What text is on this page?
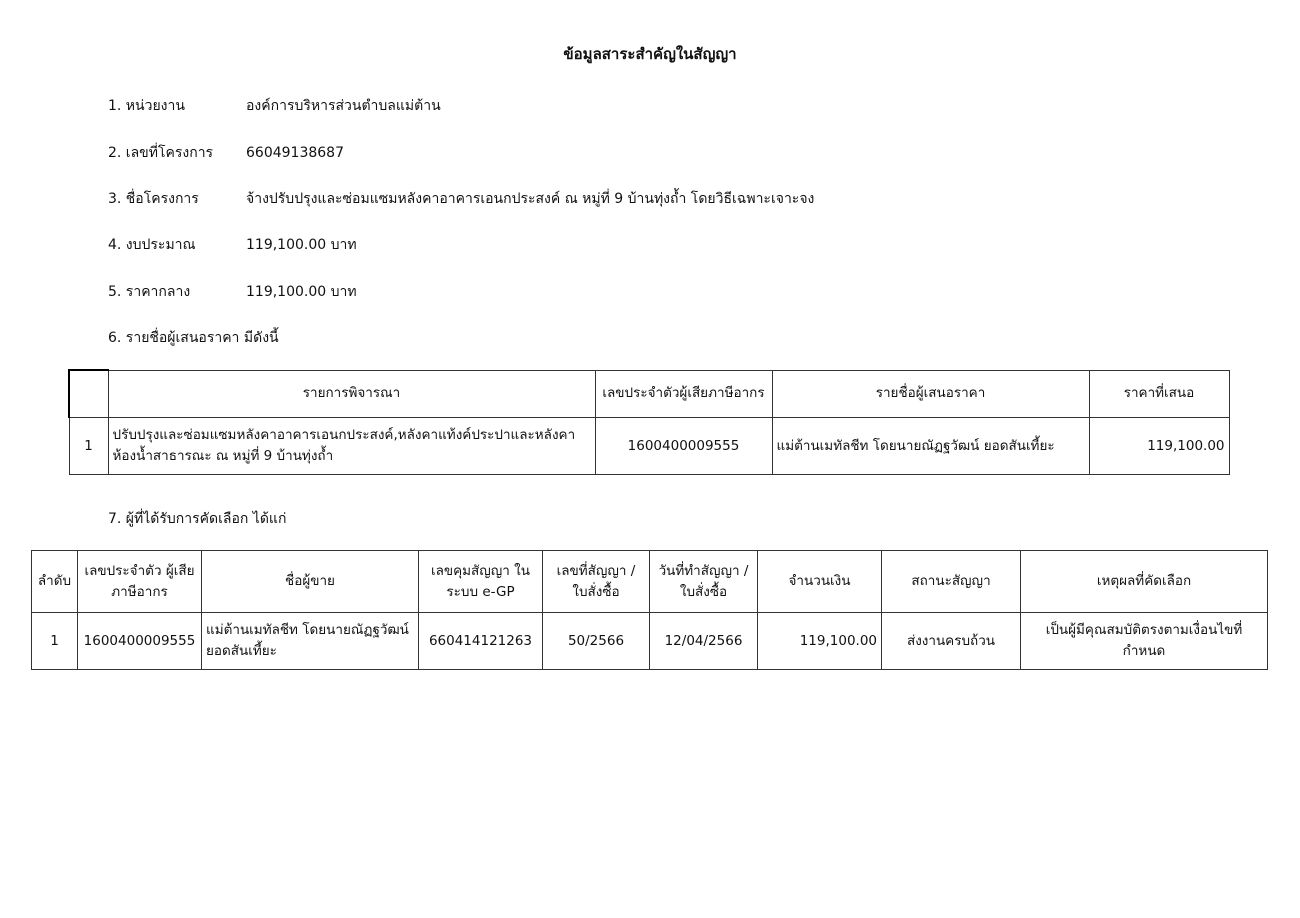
ข้อมูลสาระสำคัญในสัญญา
1. หน่วยงาน	องค์การบริหารส่วนตำบลแม่ต้าน
2. เลขที่โครงการ 66049138687
3. ชื่อโครงการ	จ้างปรับปรุงและซ่อมแซมหลังคาอาคารเอนกประสงค์ ณ หมู่ที่ 9 บ้านทุ่งถ้ำ โดยวิธีเฉพาะเจาะจง
4. งบประมาณ	119,100.00 บาท
5. ราคากลาง	119,100.00 บาท
6. รายชื่อผู้เสนอราคา มีดังนี้
	รายการพิจารณา	เลขประจำตัวผู้เสียภาษีอากร	รายชื่อผู้เสนอราคา	ราคาที่เสนอ
1	ปรับปรุงและซ่อมแซมหลังคาอาคารเอนกประสงค์,หลังคาแท้งค์ประปาและหลังคาห้องน้ำสาธารณะ ณ หมู่ที่ 9 บ้านทุ่งถ้ำ	1600400009555	แม่ต้านเมทัลชีท โดยนายณัฏฐวัฒน์ ยอดสันเที้ยะ	119,100.00
7. ผู้ที่ได้รับการคัดเลือก ได้แก่
ลำดับ	เลขประจำตัว ผู้เสียภาษีอากร	ชื่อผู้ขาย	เลขคุมสัญญา ในระบบ e-GP	เลขที่สัญญา / ใบสั่งซื้อ	วันที่ทำสัญญา / ใบสั่งซื้อ	จำนวนเงิน	สถานะสัญญา	เหตุผลที่คัดเลือก
1	1600400009555	แม่ต้านเมทัลชีท โดยนายณัฏฐวัฒน์ ยอดสันเที้ยะ	660414121263	50/2566	12/04/2566	119,100.00	ส่งงานครบถ้วน	เป็นผู้มีคุณสมบัติตรงตามเงื่อนไขที่กำหนด
